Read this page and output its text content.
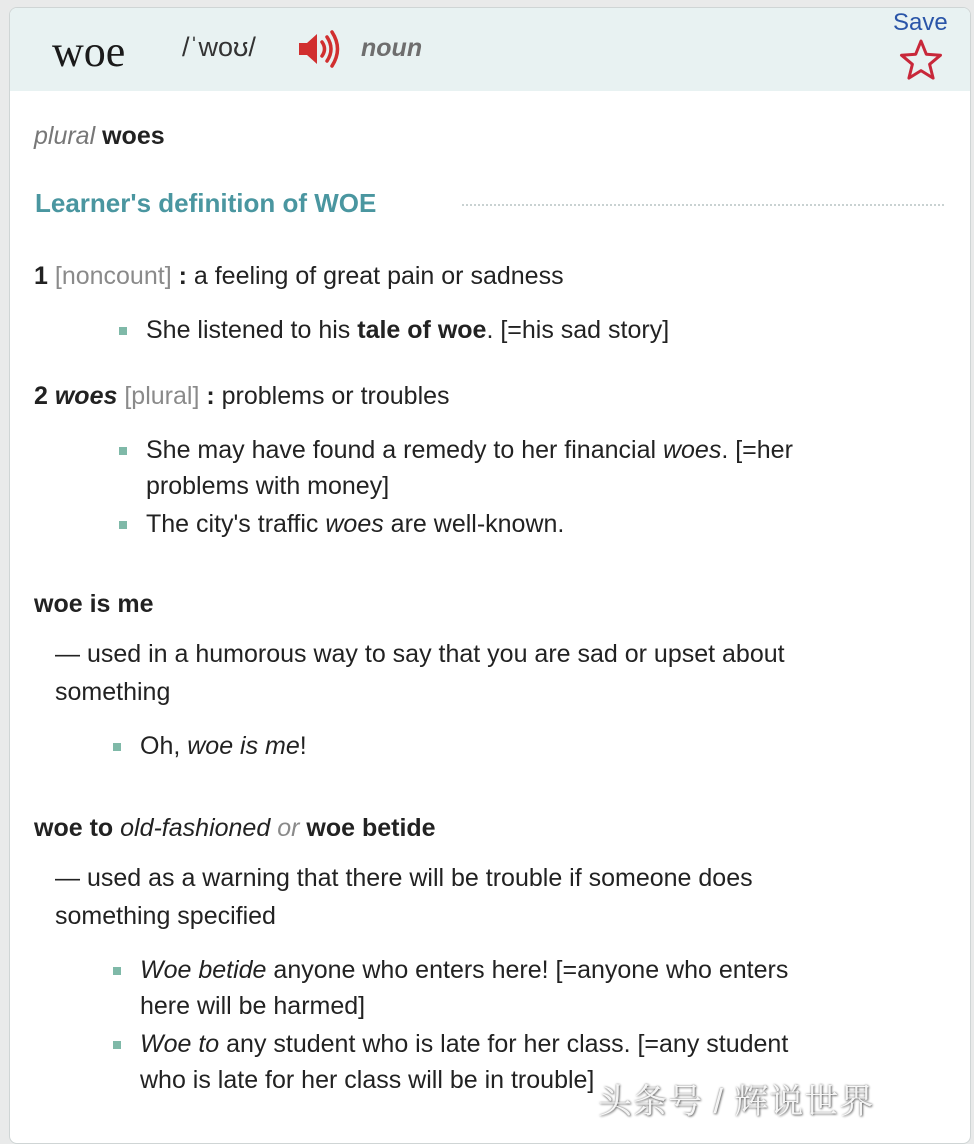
woe /ˈwoʊ/	noun
Save
plural woes
Learner's definition of WOE
1 [noncount] : a feeling of great pain or sadness
She listened to his tale of woe. [=his sad story]
2 woes [plural] : problems or troubles
She may have found a remedy to her financial woes. [=her
problems with money]
The city's traffic woes are well-known.
woe is me
— used in a humorous way to say that you are sad or upset about
something
Oh, woe is me!
woe to old-fashioned or woe betide
— used as a warning that there will be trouble if someone does
something specified
Woe betide anyone who enters here! [=anyone who enters
here will be harmed]
Woe to any student who is late for her class. [=any student
who is late for her class will be in trouble]
头条号 / 辉说世界
